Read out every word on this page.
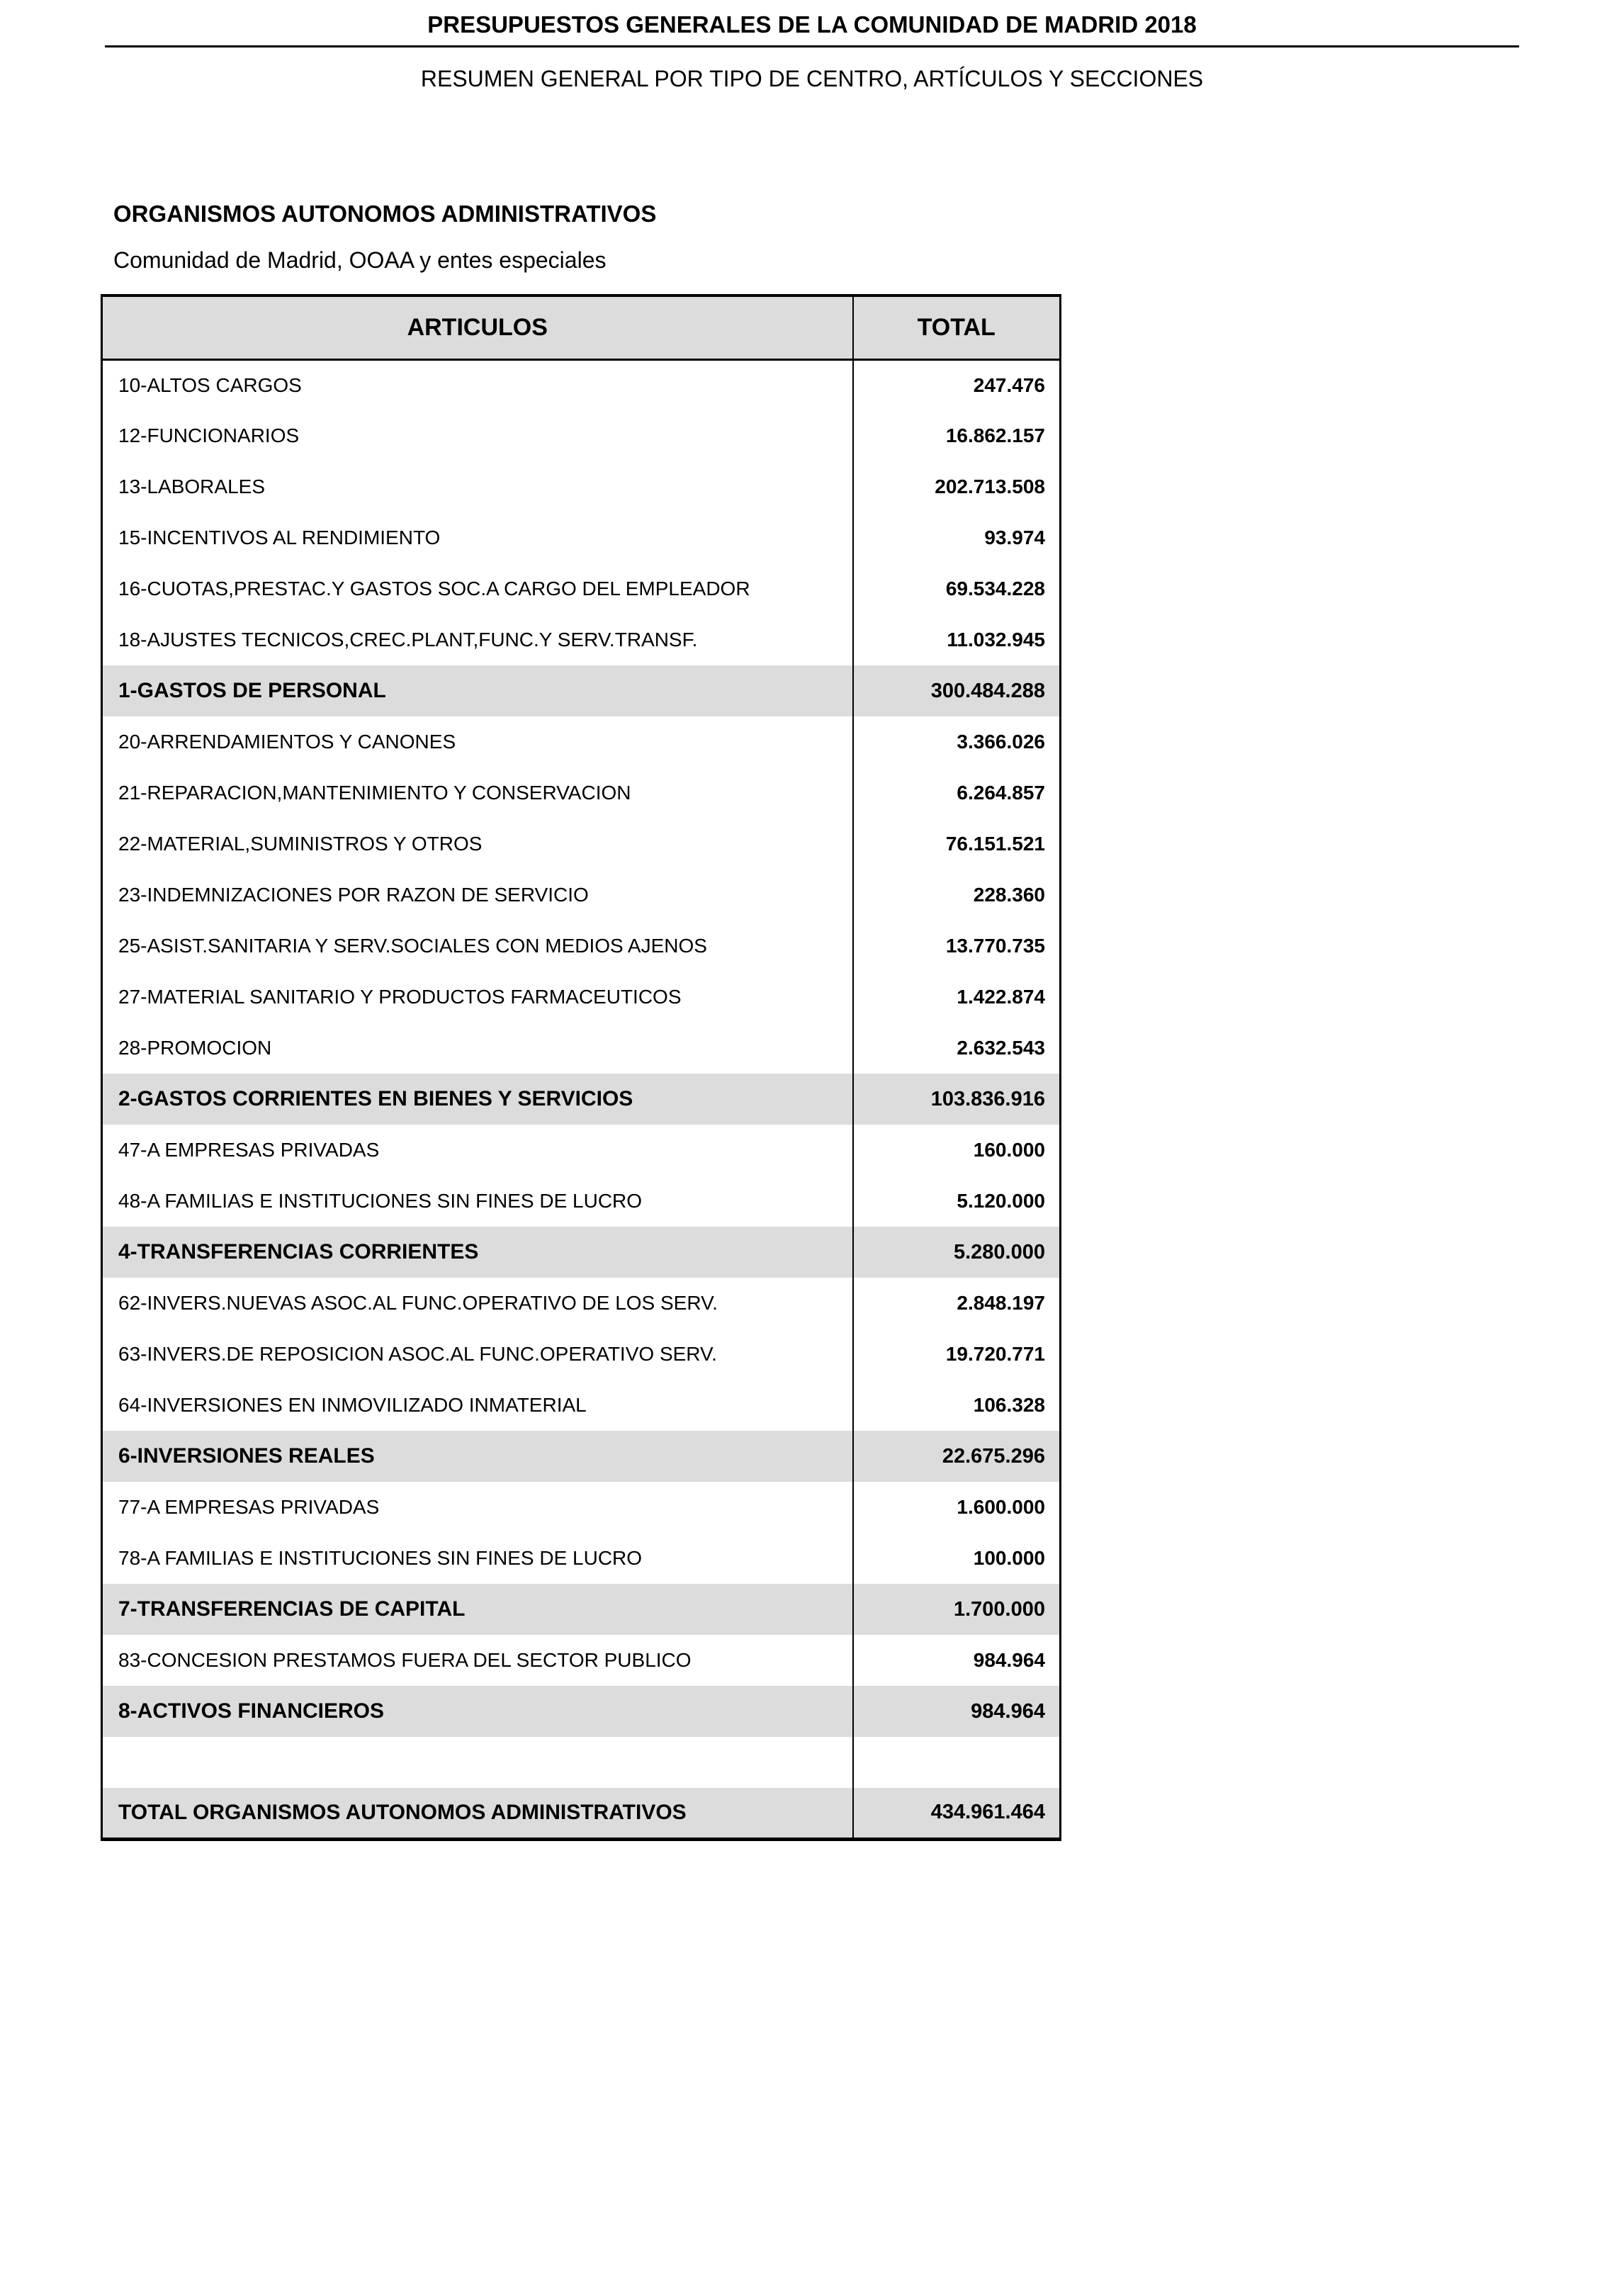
PRESUPUESTOS GENERALES DE LA COMUNIDAD DE MADRID 2018
RESUMEN GENERAL POR TIPO DE CENTRO, ARTÍCULOS Y SECCIONES
ORGANISMOS AUTONOMOS ADMINISTRATIVOS
Comunidad de Madrid, OOAA y entes especiales
ARTICULOS	TOTAL
10-ALTOS CARGOS	247.476
12-FUNCIONARIOS	16.862.157
13-LABORALES	202.713.508
15-INCENTIVOS AL RENDIMIENTO	93.974
16-CUOTAS,PRESTAC.Y GASTOS SOC.A CARGO DEL EMPLEADOR	69.534.228
18-AJUSTES TECNICOS,CREC.PLANT,FUNC.Y SERV.TRANSF.	11.032.945
1-GASTOS DE PERSONAL	300.484.288
20-ARRENDAMIENTOS Y CANONES	3.366.026
21-REPARACION,MANTENIMIENTO Y CONSERVACION	6.264.857
22-MATERIAL,SUMINISTROS Y OTROS	76.151.521
23-INDEMNIZACIONES POR RAZON DE SERVICIO	228.360
25-ASIST.SANITARIA Y SERV.SOCIALES CON MEDIOS AJENOS	13.770.735
27-MATERIAL SANITARIO Y PRODUCTOS FARMACEUTICOS	1.422.874
28-PROMOCION	2.632.543
2-GASTOS CORRIENTES EN BIENES Y SERVICIOS	103.836.916
47-A EMPRESAS PRIVADAS	160.000
48-A FAMILIAS E INSTITUCIONES SIN FINES DE LUCRO	5.120.000
4-TRANSFERENCIAS CORRIENTES	5.280.000
62-INVERS.NUEVAS ASOC.AL FUNC.OPERATIVO DE LOS SERV.	2.848.197
63-INVERS.DE REPOSICION ASOC.AL FUNC.OPERATIVO SERV.	19.720.771
64-INVERSIONES EN INMOVILIZADO INMATERIAL	106.328
6-INVERSIONES REALES	22.675.296
77-A EMPRESAS PRIVADAS	1.600.000
78-A FAMILIAS E INSTITUCIONES SIN FINES DE LUCRO	100.000
7-TRANSFERENCIAS DE CAPITAL	1.700.000
83-CONCESION PRESTAMOS FUERA DEL SECTOR PUBLICO	984.964
8-ACTIVOS FINANCIEROS	984.964

TOTAL ORGANISMOS AUTONOMOS ADMINISTRATIVOS	434.961.464
